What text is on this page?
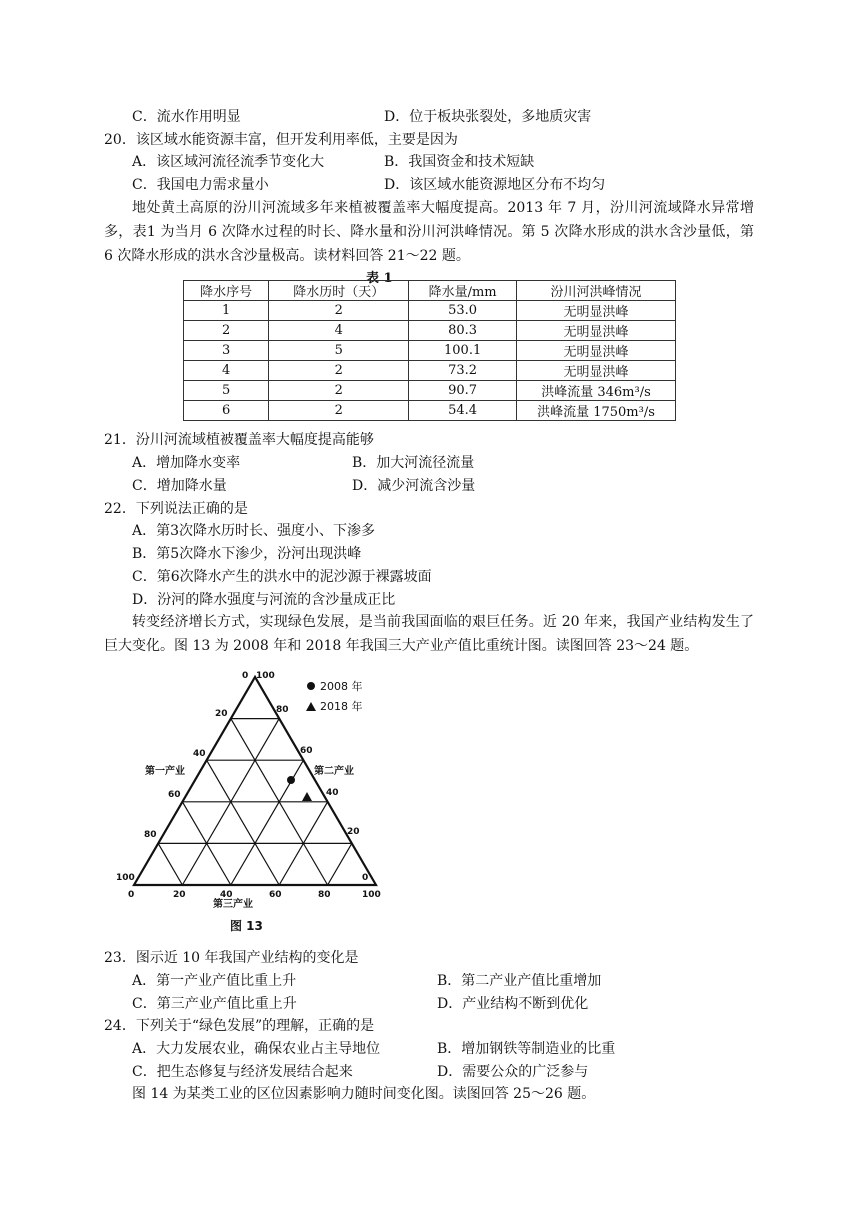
C．流水作用明显	D．位于板块张裂处，多地质灾害
20．该区域水能资源丰富，但开发利用率低，主要是因为
A．该区域河流径流季节变化大	B．我国资金和技术短缺
C．我国电力需求量小	D．该区域水能资源地区分布不均匀
地处黄土高原的汾川河流域多年来植被覆盖率大幅度提高。2013 年 7 月，汾川河流域降水异常增多，表1 为当月 6 次降水过程的时长、降水量和汾川河洪峰情况。第 5 次降水形成的洪水含沙量低，第 6 次降水形成的洪水含沙量极高。读材料回答 21～22 题。
表 1
降水序号	降水历时（天）	降水量/mm	汾川河洪峰情况
1	2	53.0	无明显洪峰
2	4	80.3	无明显洪峰
3	5	100.1	无明显洪峰
4	2	73.2	无明显洪峰
5	2	90.7	洪峰流量 346m³/s
6	2	54.4	洪峰流量 1750m³/s
21．汾川河流域植被覆盖率大幅度提高能够
A．增加降水变率	B．加大河流径流量
C．增加降水量	D．减少河流含沙量
22．下列说法正确的是
A．第3次降水历时长、强度小、下渗多
B．第5次降水下渗少，汾河出现洪峰
C．第6次降水产生的洪水中的泥沙源于裸露坡面
D．汾河的降水强度与河流的含沙量成正比
转变经济增长方式，实现绿色发展，是当前我国面临的艰巨任务。近 20 年来，我国产业结构发生了巨大变化。图 13 为 2008 年和 2018 年我国三大产业产值比重统计图。读图回答 23～24 题。
0
20
40
60
80
100
100
80
60
40
20
0
0	20	40	60	80	100
第一产业	第二产业
第三产业
2008 年
2018 年
图 13
23．图示近 10 年我国产业结构的变化是
A．第一产业产值比重上升	B．第二产业产值比重增加
C．第三产业产值比重上升	D．产业结构不断到优化
24．下列关于“绿色发展”的理解，正确的是
A．大力发展农业，确保农业占主导地位	B．增加钢铁等制造业的比重
C．把生态修复与经济发展结合起来	D．需要公众的广泛参与
图 14 为某类工业的区位因素影响力随时间变化图。读图回答 25～26 题。
